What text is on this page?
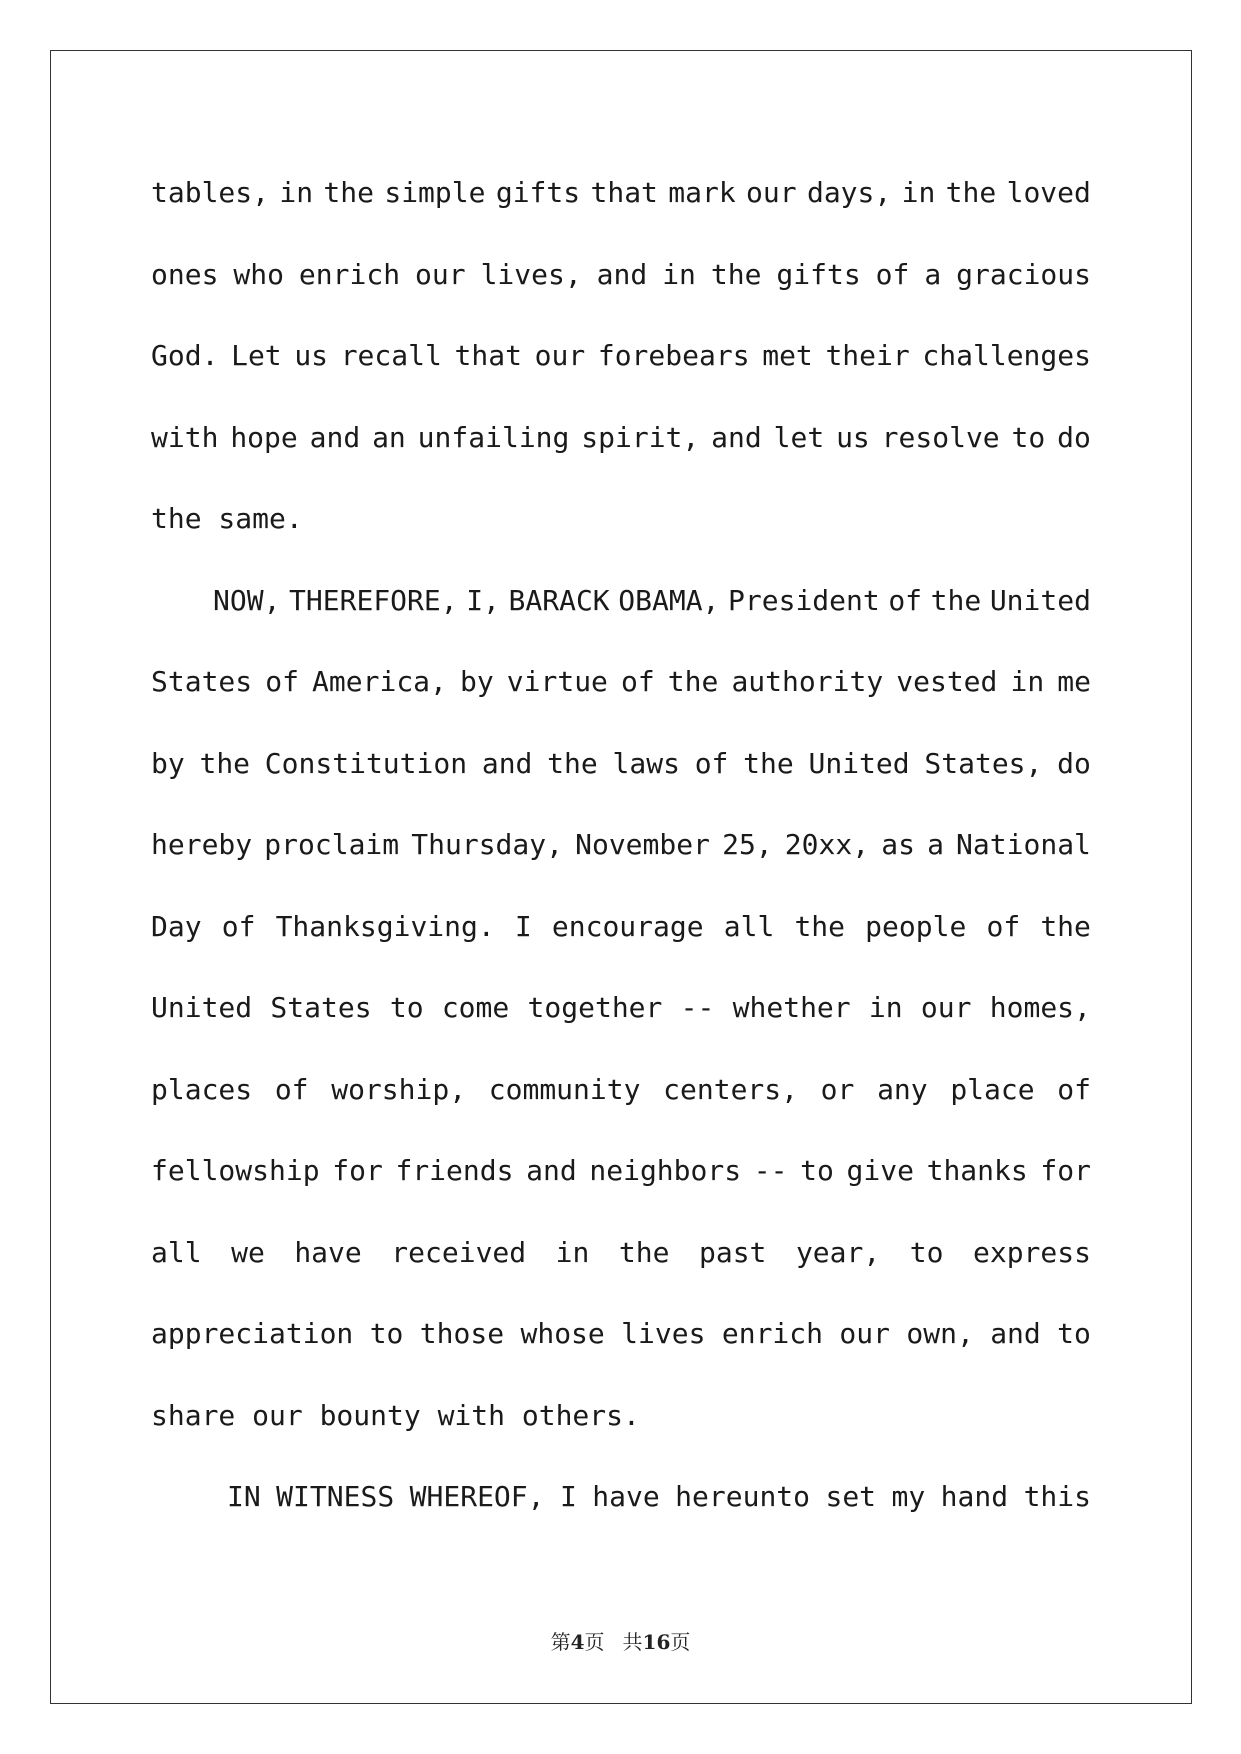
tables, in the simple gifts that mark our days, in the loved
ones who enrich our lives, and in the gifts of a gracious
God. Let us recall that our forebears met their challenges
with hope and an unfailing spirit, and let us resolve to do
the same.
NOW, THEREFORE, I, BARACK OBAMA, President of the United
States of America, by virtue of the authority vested in me
by the Constitution and the laws of the United States, do
hereby proclaim Thursday, November 25, 20xx, as a National
Day of Thanksgiving. I encourage all the people of the
United States to come together -- whether in our homes,
places of worship, community centers, or any place of
fellowship for friends and neighbors -- to give thanks for
all we have received in the past year, to express
appreciation to those whose lives enrich our own, and to
share our bounty with others.
IN WITNESS WHEREOF, I have hereunto set my hand this
第4页 共16页
